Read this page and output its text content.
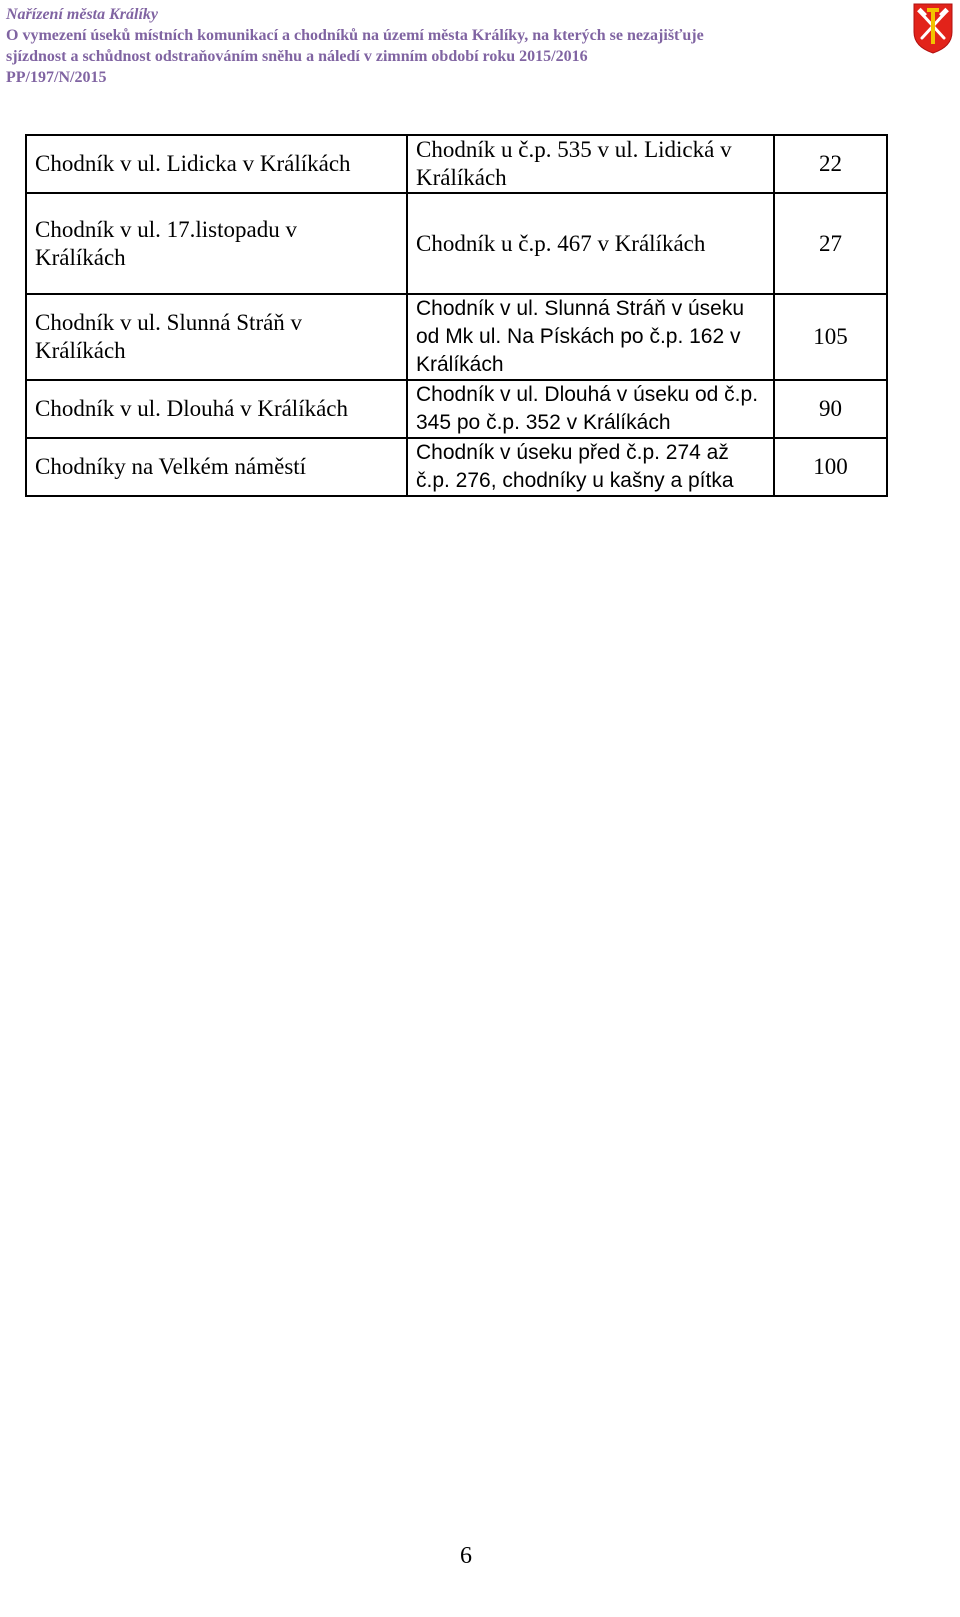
Nařízení města Králíky
O vymezení úseků místních komunikací a chodníků na území města Králíky, na kterých se nezajišťuje
sjízdnost a schůdnost odstraňováním sněhu a náledí v zimním období roku 2015/2016
PP/197/N/2015
Chodník v ul. Lidicka v Králíkách	Chodník u č.p. 535 v ul. Lidická v Králíkách	22
Chodník v ul. 17.listopadu v Králíkách	Chodník u č.p. 467 v Králíkách	27
Chodník v ul. Slunná Stráň v Králíkách	Chodník v ul. Slunná Stráň v úseku od Mk ul. Na Pískách po č.p. 162 v Králíkách	105
Chodník v ul. Dlouhá v Králíkách	Chodník v ul. Dlouhá v úseku od č.p. 345 po č.p. 352 v Králíkách	90
Chodníky na Velkém náměstí	Chodník v úseku před č.p. 274 až č.p. 276, chodníky u kašny a pítka	100
6
